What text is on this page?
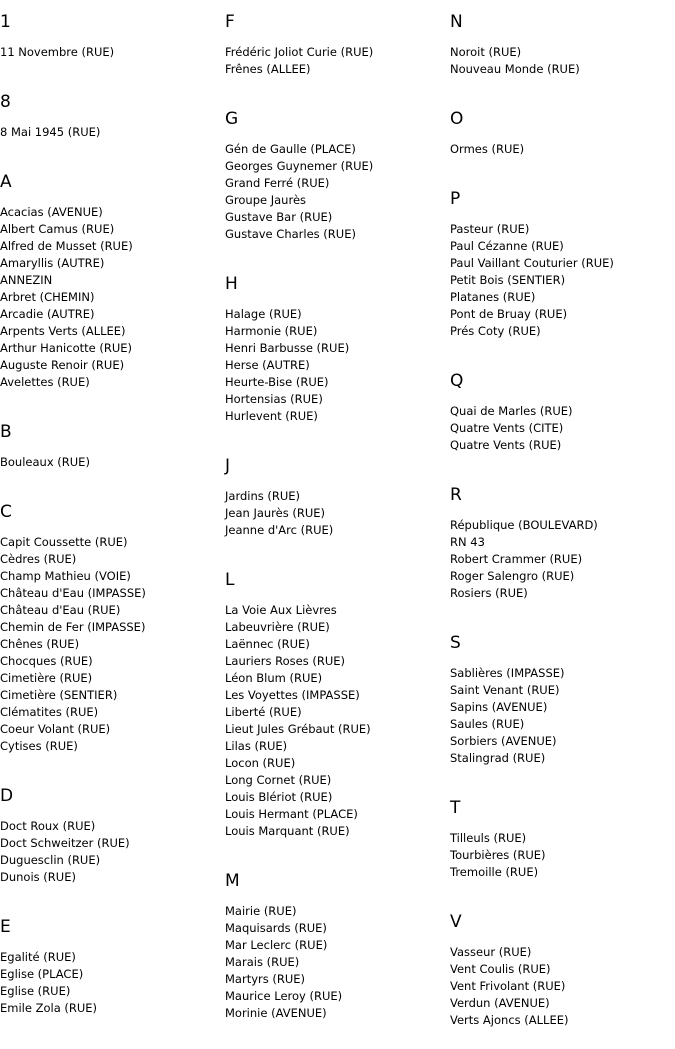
1
11 Novembre (RUE)
8
8 Mai 1945 (RUE)
A
Acacias (AVENUE)
Albert Camus (RUE)
Alfred de Musset (RUE)
Amaryllis (AUTRE)
ANNEZIN
Arbret (CHEMIN)
Arcadie (AUTRE)
Arpents Verts (ALLEE)
Arthur Hanicotte (RUE)
Auguste Renoir (RUE)
Avelettes (RUE)
B
Bouleaux (RUE)
C
Capit Coussette (RUE)
Cèdres (RUE)
Champ Mathieu (VOIE)
Château d'Eau (IMPASSE)
Château d'Eau (RUE)
Chemin de Fer (IMPASSE)
Chênes (RUE)
Chocques (RUE)
Cimetière (RUE)
Cimetière (SENTIER)
Clématites (RUE)
Coeur Volant (RUE)
Cytises (RUE)
D
Doct Roux (RUE)
Doct Schweitzer (RUE)
Duguesclin (RUE)
Dunois (RUE)
E
Egalité (RUE)
Eglise (PLACE)
Eglise (RUE)
Emile Zola (RUE)
F
Frédéric Joliot Curie (RUE)
Frênes (ALLEE)
G
Gén de Gaulle (PLACE)
Georges Guynemer (RUE)
Grand Ferré (RUE)
Groupe Jaurès
Gustave Bar (RUE)
Gustave Charles (RUE)
H
Halage (RUE)
Harmonie (RUE)
Henri Barbusse (RUE)
Herse (AUTRE)
Heurte-Bise (RUE)
Hortensias (RUE)
Hurlevent (RUE)
J
Jardins (RUE)
Jean Jaurès (RUE)
Jeanne d'Arc (RUE)
L
La Voie Aux Lièvres
Labeuvrière (RUE)
Laënnec (RUE)
Lauriers Roses (RUE)
Léon Blum (RUE)
Les Voyettes (IMPASSE)
Liberté (RUE)
Lieut Jules Grébaut (RUE)
Lilas (RUE)
Locon (RUE)
Long Cornet (RUE)
Louis Blériot (RUE)
Louis Hermant (PLACE)
Louis Marquant (RUE)
M
Mairie (RUE)
Maquisards (RUE)
Mar Leclerc (RUE)
Marais (RUE)
Martyrs (RUE)
Maurice Leroy (RUE)
Morinie (AVENUE)
N
Noroit (RUE)
Nouveau Monde (RUE)
O
Ormes (RUE)
P
Pasteur (RUE)
Paul Cézanne (RUE)
Paul Vaillant Couturier (RUE)
Petit Bois (SENTIER)
Platanes (RUE)
Pont de Bruay (RUE)
Prés Coty (RUE)
Q
Quai de Marles (RUE)
Quatre Vents (CITE)
Quatre Vents (RUE)
R
République (BOULEVARD)
RN 43
Robert Crammer (RUE)
Roger Salengro (RUE)
Rosiers (RUE)
S
Sablières (IMPASSE)
Saint Venant (RUE)
Sapins (AVENUE)
Saules (RUE)
Sorbiers (AVENUE)
Stalingrad (RUE)
T
Tilleuls (RUE)
Tourbières (RUE)
Tremoille (RUE)
V
Vasseur (RUE)
Vent Coulis (RUE)
Vent Frivolant (RUE)
Verdun (AVENUE)
Verts Ajoncs (ALLEE)
